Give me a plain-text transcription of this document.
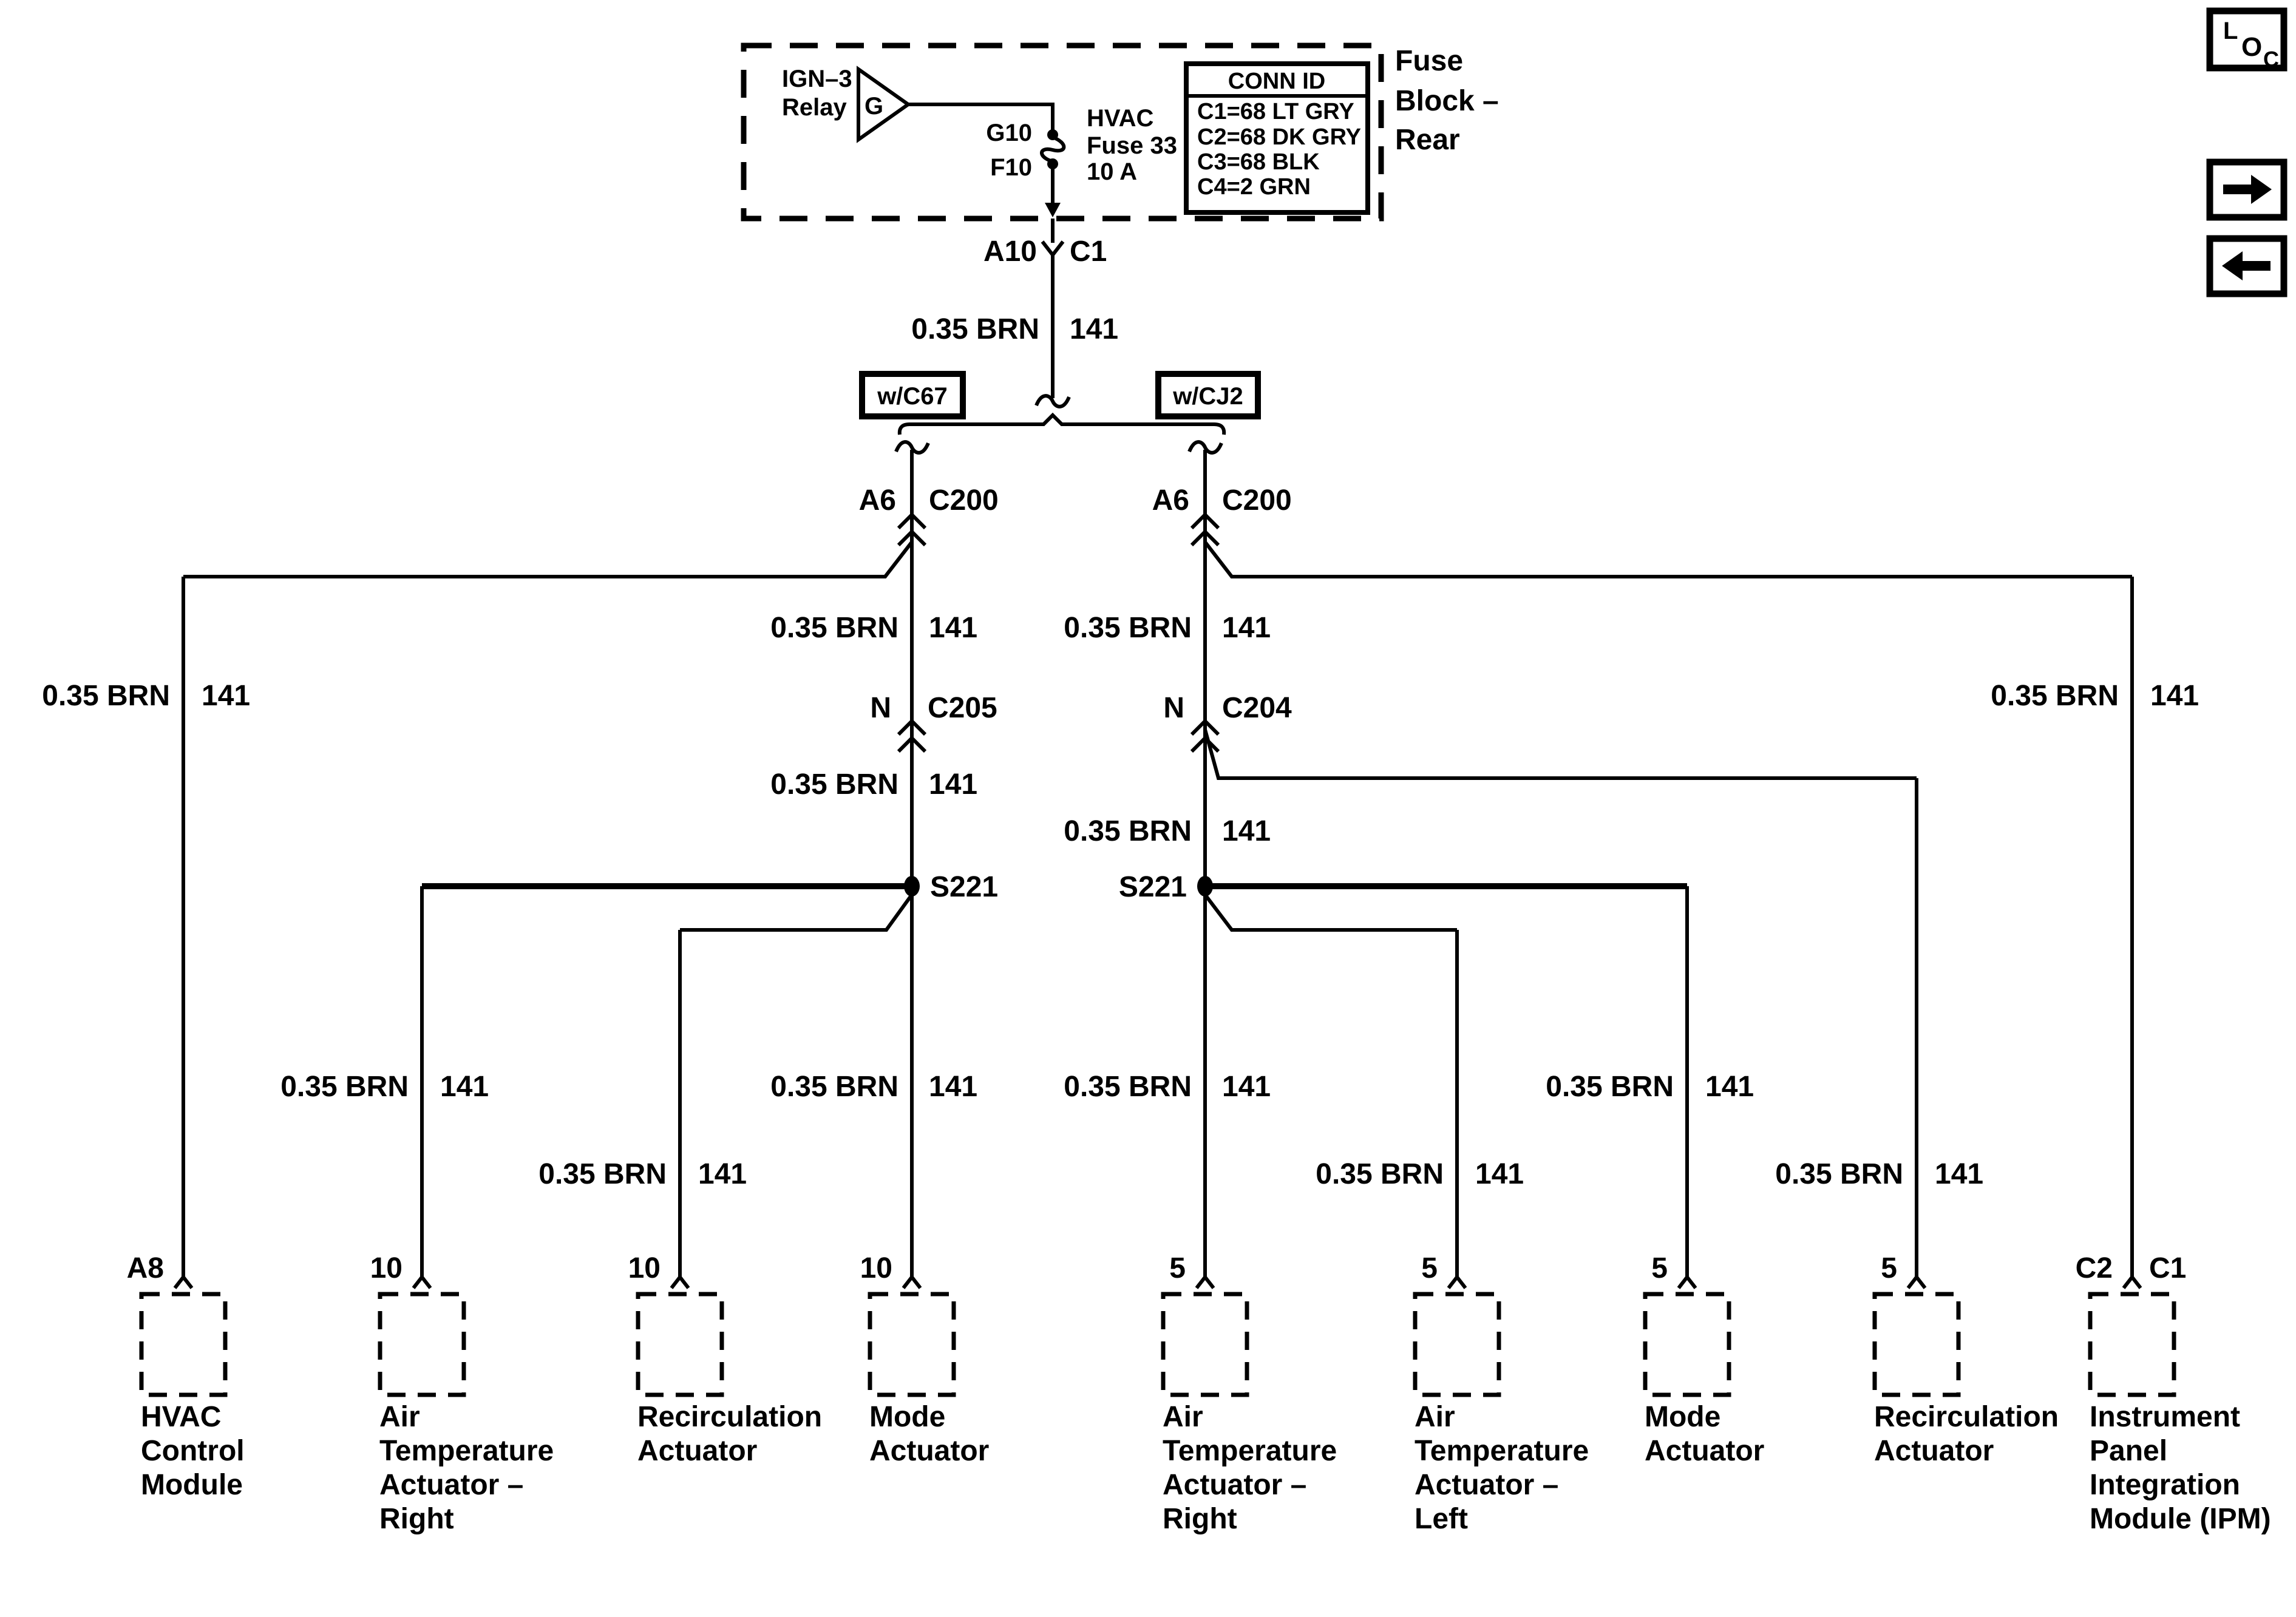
Fuse
Block –
Rear
IGN–3
Relay G
G10
F10
HVAC
Fuse 33
10 A
CONN ID
C1=68 LT GRY
C2=68 DK GRY
C3=68 BLK
C4=2 GRN
L
O C
A10 C1
0.35 BRN 141
w/C67	w/CJ2
A6 C200	A6 C200
N C205	N C204
S221	S221
0.35 BRN 141	0.35 BRN 141
0.35 BRN 141	0.35 BRN 141
0.35 BRN 141
0.35 BRN 141
0.35 BRN 141	0.35 BRN 141	0.35 BRN 141	0.35 BRN 141
0.35 BRN 141	0.35 BRN 141	0.35 BRN 141
A8
HVAC
Control
Module
10
Air
Temperature
Actuator –
Right
10
Recirculation
Actuator
10
Mode
Actuator
5
Air
Temperature
Actuator –
Right
5
Air
Temperature
Actuator –
Left
5
Mode
Actuator
5
Recirculation
Actuator
C2 C1
Instrument
Panel
Integration
Module (IPM)
